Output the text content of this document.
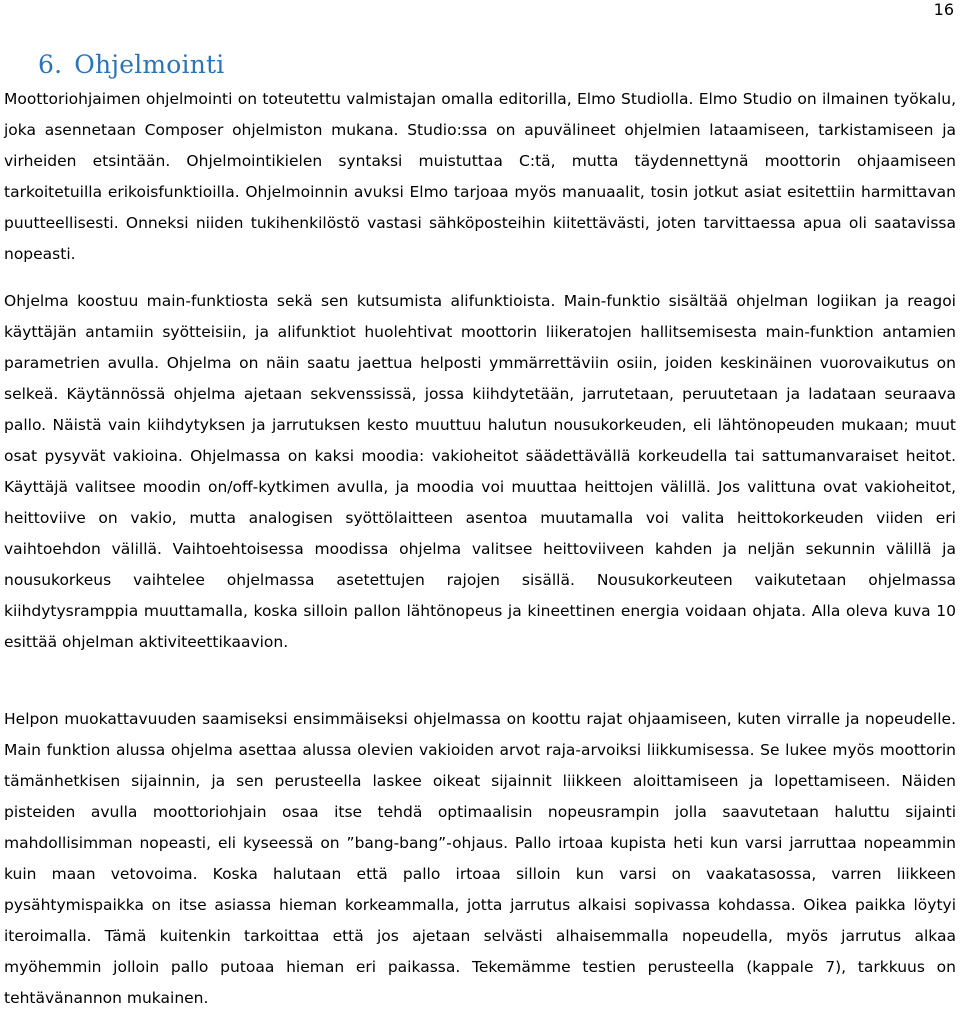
16
6. Ohjelmointi

Moottoriohjaimen ohjelmointi on toteutettu valmistajan omalla editorilla, Elmo Studiolla. Elmo Studio on ilmainen työkalu, joka asennetaan Composer ohjelmiston mukana. Studio:ssa on apuvälineet ohjelmien lataamiseen, tarkistamiseen ja virheiden etsintään. Ohjelmointikielen syntaksi muistuttaa C:tä, mutta täydennettynä moottorin ohjaamiseen tarkoitetuilla erikoisfunktioilla. Ohjelmoinnin avuksi Elmo tarjoaa myös manuaalit, tosin jotkut asiat esitettiin harmittavan puutteellisesti. Onneksi niiden tukihenkilöstö vastasi sähköposteihin kiitettävästi, joten tarvittaessa apua oli saatavissa nopeasti.

Ohjelma koostuu main-funktiosta sekä sen kutsumista alifunktioista. Main-funktio sisältää ohjelman logiikan ja reagoi käyttäjän antamiin syötteisiin, ja alifunktiot huolehtivat moottorin liikeratojen hallitsemisesta main-funktion antamien parametrien avulla. Ohjelma on näin saatu jaettua helposti ymmärrettäviin osiin, joiden keskinäinen vuorovaikutus on selkeä. Käytännössä ohjelma ajetaan sekvenssissä, jossa kiihdytetään, jarrutetaan, peruutetaan ja ladataan seuraava pallo. Näistä vain kiihdytyksen ja jarrutuksen kesto muuttuu halutun nousukorkeuden, eli lähtönopeuden mukaan; muut osat pysyvät vakioina. Ohjelmassa on kaksi moodia: vakioheitot säädettävällä korkeudella tai sattumanvaraiset heitot. Käyttäjä valitsee moodin on/off-kytkimen avulla, ja moodia voi muuttaa heittojen välillä. Jos valittuna ovat vakioheitot, heittoviive on vakio, mutta analogisen syöttölaitteen asentoa muutamalla voi valita heittokorkeuden viiden eri vaihtoehdon välillä. Vaihtoehtoisessa moodissa ohjelma valitsee heittoviiveen kahden ja neljän sekunnin välillä ja nousukorkeus vaihtelee ohjelmassa asetettujen rajojen sisällä. Nousukorkeuteen vaikutetaan ohjelmassa kiihdytysramppia muuttamalla, koska silloin pallon lähtönopeus ja kineettinen energia voidaan ohjata. Alla oleva kuva 10 esittää ohjelman aktiviteettikaavion.

Helpon muokattavuuden saamiseksi ensimmäiseksi ohjelmassa on koottu rajat ohjaamiseen, kuten virralle ja nopeudelle. Main funktion alussa ohjelma asettaa alussa olevien vakioiden arvot raja-arvoiksi liikkumisessa. Se lukee myös moottorin tämänhetkisen sijainnin, ja sen perusteella laskee oikeat sijainnit liikkeen aloittamiseen ja lopettamiseen. Näiden pisteiden avulla moottoriohjain osaa itse tehdä optimaalisin nopeusrampin jolla saavutetaan haluttu sijainti mahdollisimman nopeasti, eli kyseessä on ”bang-bang”-ohjaus. Pallo irtoaa kupista heti kun varsi jarruttaa nopeammin kuin maan vetovoima. Koska halutaan että pallo irtoaa silloin kun varsi on vaakatasossa, varren liikkeen pysähtymispaikka on itse asiassa hieman korkeammalla, jotta jarrutus alkaisi sopivassa kohdassa. Oikea paikka löytyi iteroimalla. Tämä kuitenkin tarkoittaa että jos ajetaan selvästi alhaisemmalla nopeudella, myös jarrutus alkaa myöhemmin jolloin pallo putoaa hieman eri paikassa. Tekemämme testien perusteella (kappale 7), tarkkuus on tehtävänannon mukainen.
